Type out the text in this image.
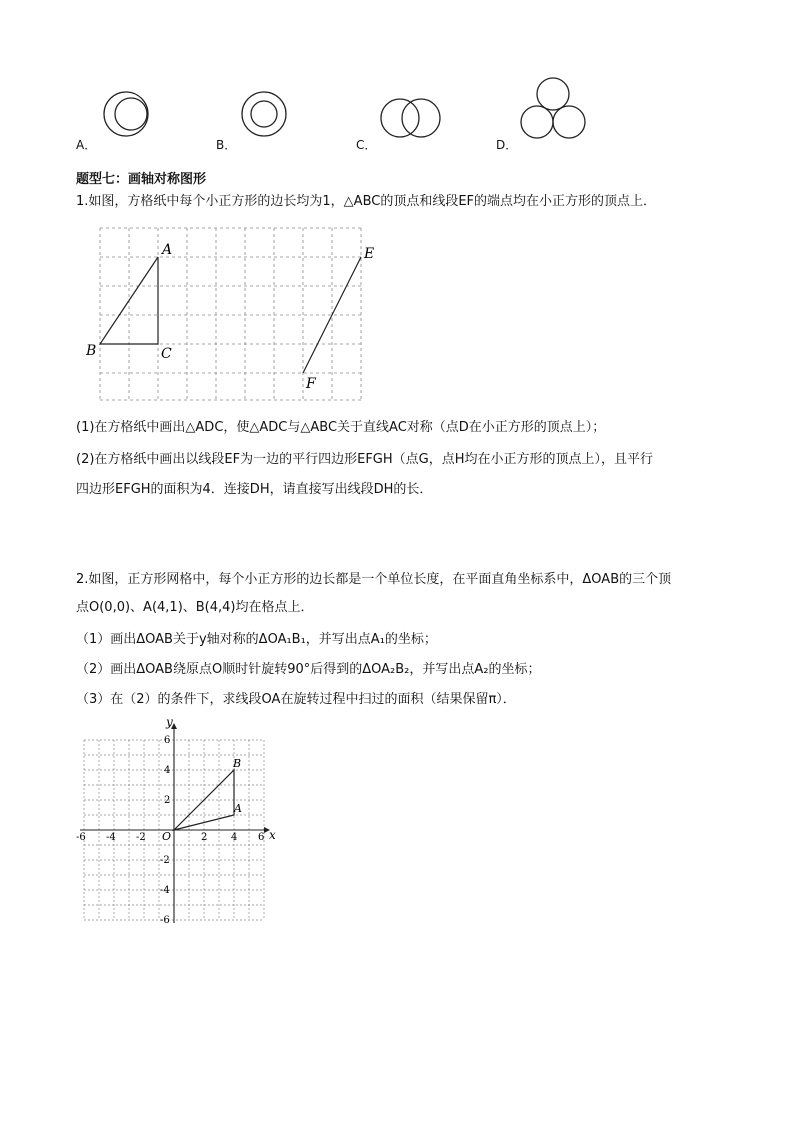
A．	B．	C．	D．
题型七：画轴对称图形
1.如图，方格纸中每个小正方形的边长均为1，△ABC的顶点和线段EF的端点均在小正方形的顶点上．
A
B	C
E
F
(1)在方格纸中画出△ADC，使△ADC与△ABC关于直线AC对称（点D在小正方形的顶点上）；
(2)在方格纸中画出以线段EF为一边的平行四边形EFGH（点G，点H均在小正方形的顶点上），且平行
四边形EFGH的面积为4．连接DH，请直接写出线段DH的长．
2.如图，正方形网格中，每个小正方形的边长都是一个单位长度，在平面直角坐标系中，ΔOAB的三个顶
点O(0,0)、A(4,1)、B(4,4)均在格点上．
（1）画出ΔOAB关于y轴对称的ΔOA₁B₁，并写出点A₁的坐标；
（2）画出ΔOAB绕原点O顺时针旋转90°后得到的ΔOA₂B₂，并写出点A₂的坐标；
（3）在（2）的条件下，求线段OA在旋转过程中扫过的面积（结果保留π）．
x
y
O
-6 -4 -2	2 4 6
6
4
2
-2
-4
-6
A
B
